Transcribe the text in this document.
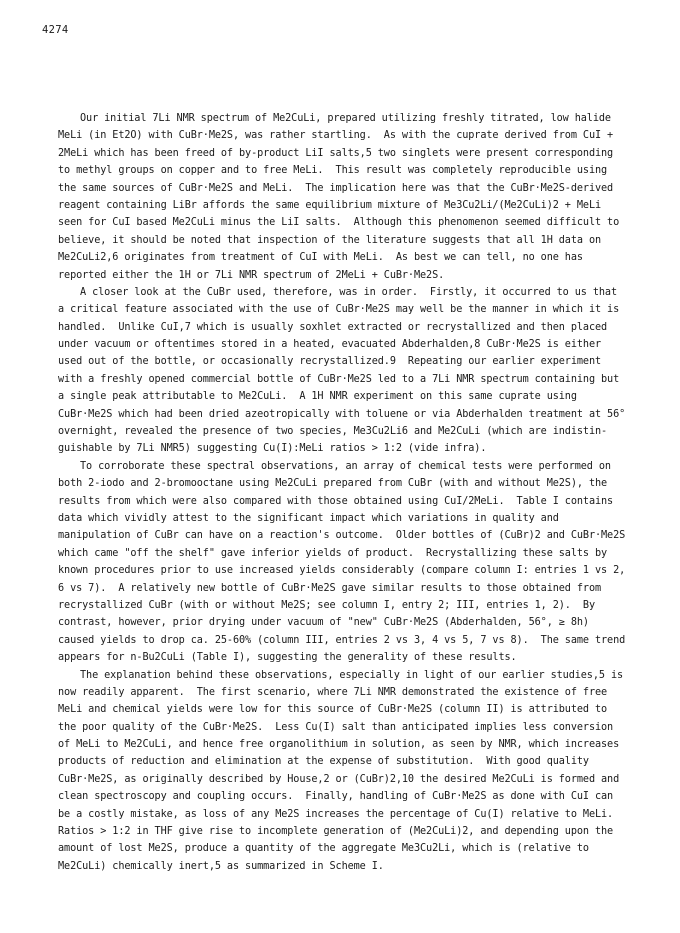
4274
Our initial 7Li NMR spectrum of Me2CuLi, prepared utilizing freshly titrated, low halide
MeLi (in Et2O) with CuBr·Me2S, was rather startling.  As with the cuprate derived from CuI +
2MeLi which has been freed of by-product LiI salts,5 two singlets were present corresponding
to methyl groups on copper and to free MeLi.  This result was completely reproducible using
the same sources of CuBr·Me2S and MeLi.  The implication here was that the CuBr·Me2S-derived
reagent containing LiBr affords the same equilibrium mixture of Me3Cu2Li/(Me2CuLi)2 + MeLi
seen for CuI based Me2CuLi minus the LiI salts.  Although this phenomenon seemed difficult to
believe, it should be noted that inspection of the literature suggests that all 1H data on
Me2CuLi2,6 originates from treatment of CuI with MeLi.  As best we can tell, no one has
reported either the 1H or 7Li NMR spectrum of 2MeLi + CuBr·Me2S.
A closer look at the CuBr used, therefore, was in order.  Firstly, it occurred to us that
a critical feature associated with the use of CuBr·Me2S may well be the manner in which it is
handled.  Unlike CuI,7 which is usually soxhlet extracted or recrystallized and then placed
under vacuum or oftentimes stored in a heated, evacuated Abderhalden,8 CuBr·Me2S is either
used out of the bottle, or occasionally recrystallized.9  Repeating our earlier experiment
with a freshly opened commercial bottle of CuBr·Me2S led to a 7Li NMR spectrum containing but
a single peak attributable to Me2CuLi.  A 1H NMR experiment on this same cuprate using
CuBr·Me2S which had been dried azeotropically with toluene or via Abderhalden treatment at 56°
overnight, revealed the presence of two species, Me3Cu2Li6 and Me2CuLi (which are indistin-
guishable by 7Li NMR5) suggesting Cu(I):MeLi ratios > 1:2 (vide infra).
To corroborate these spectral observations, an array of chemical tests were performed on
both 2-iodo and 2-bromooctane using Me2CuLi prepared from CuBr (with and without Me2S), the
results from which were also compared with those obtained using CuI/2MeLi.  Table I contains
data which vividly attest to the significant impact which variations in quality and
manipulation of CuBr can have on a reaction's outcome.  Older bottles of (CuBr)2 and CuBr·Me2S
which came "off the shelf" gave inferior yields of product.  Recrystallizing these salts by
known procedures prior to use increased yields considerably (compare column I: entries 1 vs 2,
6 vs 7).  A relatively new bottle of CuBr·Me2S gave similar results to those obtained from
recrystallized CuBr (with or without Me2S; see column I, entry 2; III, entries 1, 2).  By
contrast, however, prior drying under vacuum of "new" CuBr·Me2S (Abderhalden, 56°, ≥ 8h)
caused yields to drop ca. 25-60% (column III, entries 2 vs 3, 4 vs 5, 7 vs 8).  The same trend
appears for n-Bu2CuLi (Table I), suggesting the generality of these results.
The explanation behind these observations, especially in light of our earlier studies,5 is
now readily apparent.  The first scenario, where 7Li NMR demonstrated the existence of free
MeLi and chemical yields were low for this source of CuBr·Me2S (column II) is attributed to
the poor quality of the CuBr·Me2S.  Less Cu(I) salt than anticipated implies less conversion
of MeLi to Me2CuLi, and hence free organolithium in solution, as seen by NMR, which increases
products of reduction and elimination at the expense of substitution.  With good quality
CuBr·Me2S, as originally described by House,2 or (CuBr)2,10 the desired Me2CuLi is formed and
clean spectroscopy and coupling occurs.  Finally, handling of CuBr·Me2S as done with CuI can
be a costly mistake, as loss of any Me2S increases the percentage of Cu(I) relative to MeLi.
Ratios > 1:2 in THF give rise to incomplete generation of (Me2CuLi)2, and depending upon the
amount of lost Me2S, produce a quantity of the aggregate Me3Cu2Li, which is (relative to
Me2CuLi) chemically inert,5 as summarized in Scheme I.
